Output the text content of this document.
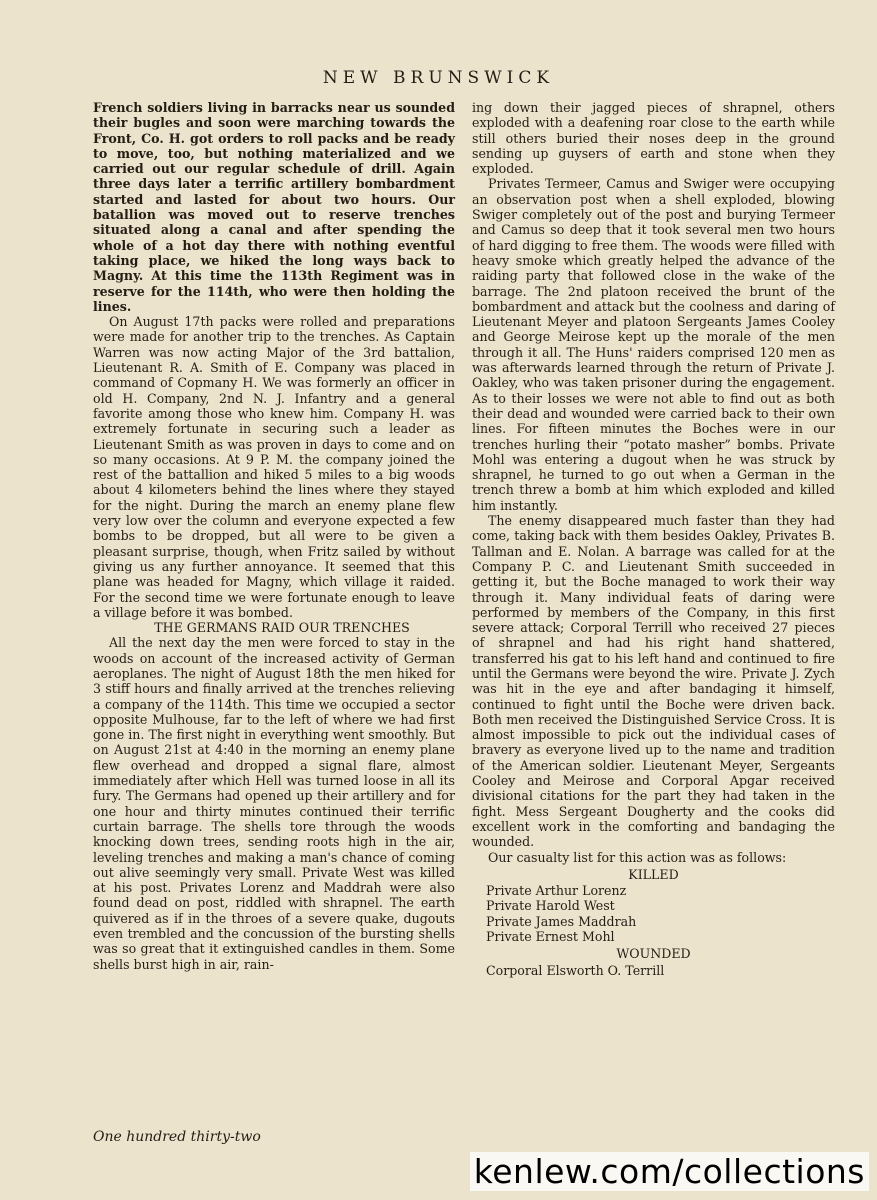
NEW BRUNSWICK

French soldiers living in barracks near us sounded their bugles and soon were marching towards the Front, Co. H. got orders to roll packs and be ready to move, too, but nothing materialized and we carried out our regular schedule of drill. Again three days later a terrific artillery bombardment started and lasted for about two hours. Our batallion was moved out to reserve trenches situated along a canal and after spending the whole of a hot day there with nothing eventful taking place, we hiked the long ways back to Magny. At this time the 113th Regiment was in reserve for the 114th, who were then holding the lines.

On August 17th packs were rolled and preparations were made for another trip to the trenches. As Captain Warren was now acting Major of the 3rd battalion, Lieutenant R. A. Smith of E. Company was placed in command of Copmany H. We was formerly an officer in old H. Company, 2nd N. J. Infantry and a general favorite among those who knew him. Company H. was extremely fortunate in securing such a leader as Lieutenant Smith as was proven in days to come and on so many occasions. At 9 P. M. the company joined the rest of the battallion and hiked 5 miles to a big woods about 4 kilometers behind the lines where they stayed for the night. During the march an enemy plane flew very low over the column and everyone expected a few bombs to be dropped, but all were to be given a pleasant surprise, though, when Fritz sailed by without giving us any further annoyance. It seemed that this plane was headed for Magny, which village it raided. For the second time we were fortunate enough to leave a village before it was bombed.

THE GERMANS RAID OUR TRENCHES

All the next day the men were forced to stay in the woods on account of the increased activity of German aeroplanes. The night of August 18th the men hiked for 3 stiff hours and finally arrived at the trenches relieving a company of the 114th. This time we occupied a sector opposite Mulhouse, far to the left of where we had first gone in. The first night in everything went smoothly. But on August 21st at 4:40 in the morning an enemy plane flew overhead and dropped a signal flare, almost immediately after which Hell was turned loose in all its fury. The Germans had opened up their artillery and for one hour and thirty minutes continued their terrific curtain barrage. The shells tore through the woods knocking down trees, sending roots high in the air, leveling trenches and making a man's chance of coming out alive seemingly very small. Private West was killed at his post. Privates Lorenz and Maddrah were also found dead on post, riddled with shrapnel. The earth quivered as if in the throes of a severe quake, dugouts even trembled and the concussion of the bursting shells was so great that it extinguished candles in them. Some shells burst high in air, rain-

ing down their jagged pieces of shrapnel, others exploded with a deafening roar close to the earth while still others buried their noses deep in the ground sending up guysers of earth and stone when they exploded.

Privates Termeer, Camus and Swiger were occupying an observation post when a shell exploded, blowing Swiger completely out of the post and burying Termeer and Camus so deep that it took several men two hours of hard digging to free them. The woods were filled with heavy smoke which greatly helped the advance of the raiding party that followed close in the wake of the barrage. The 2nd platoon received the brunt of the bombardment and attack but the coolness and daring of Lieutenant Meyer and platoon Sergeants James Cooley and George Meirose kept up the morale of the men through it all. The Huns' raiders comprised 120 men as was afterwards learned through the return of Private J. Oakley, who was taken prisoner during the engagement. As to their losses we were not able to find out as both their dead and wounded were carried back to their own lines. For fifteen minutes the Boches were in our trenches hurling their “potato masher” bombs. Private Mohl was entering a dugout when he was struck by shrapnel, he turned to go out when a German in the trench threw a bomb at him which exploded and killed him instantly.

The enemy disappeared much faster than they had come, taking back with them besides Oakley, Privates B. Tallman and E. Nolan. A barrage was called for at the Company P. C. and Lieutenant Smith succeeded in getting it, but the Boche managed to work their way through it. Many individual feats of daring were performed by members of the Company, in this first severe attack; Corporal Terrill who received 27 pieces of shrapnel and had his right hand shattered, transferred his gat to his left hand and continued to fire until the Germans were beyond the wire. Private J. Zych was hit in the eye and after bandaging it himself, continued to fight until the Boche were driven back. Both men received the Distinguished Service Cross. It is almost impossible to pick out the individual cases of bravery as everyone lived up to the name and tradition of the American soldier. Lieutenant Meyer, Sergeants Cooley and Meirose and Corporal Apgar received divisional citations for the part they had taken in the fight. Mess Sergeant Dougherty and the cooks did excellent work in the comforting and bandaging the wounded.

Our casualty list for this action was as follows:

KILLED
Private Arthur Lorenz
Private Harold West
Private James Maddrah
Private Ernest Mohl
WOUNDED
Corporal Elsworth O. Terrill
One hundred thirty-two
kenlew.com/collections
